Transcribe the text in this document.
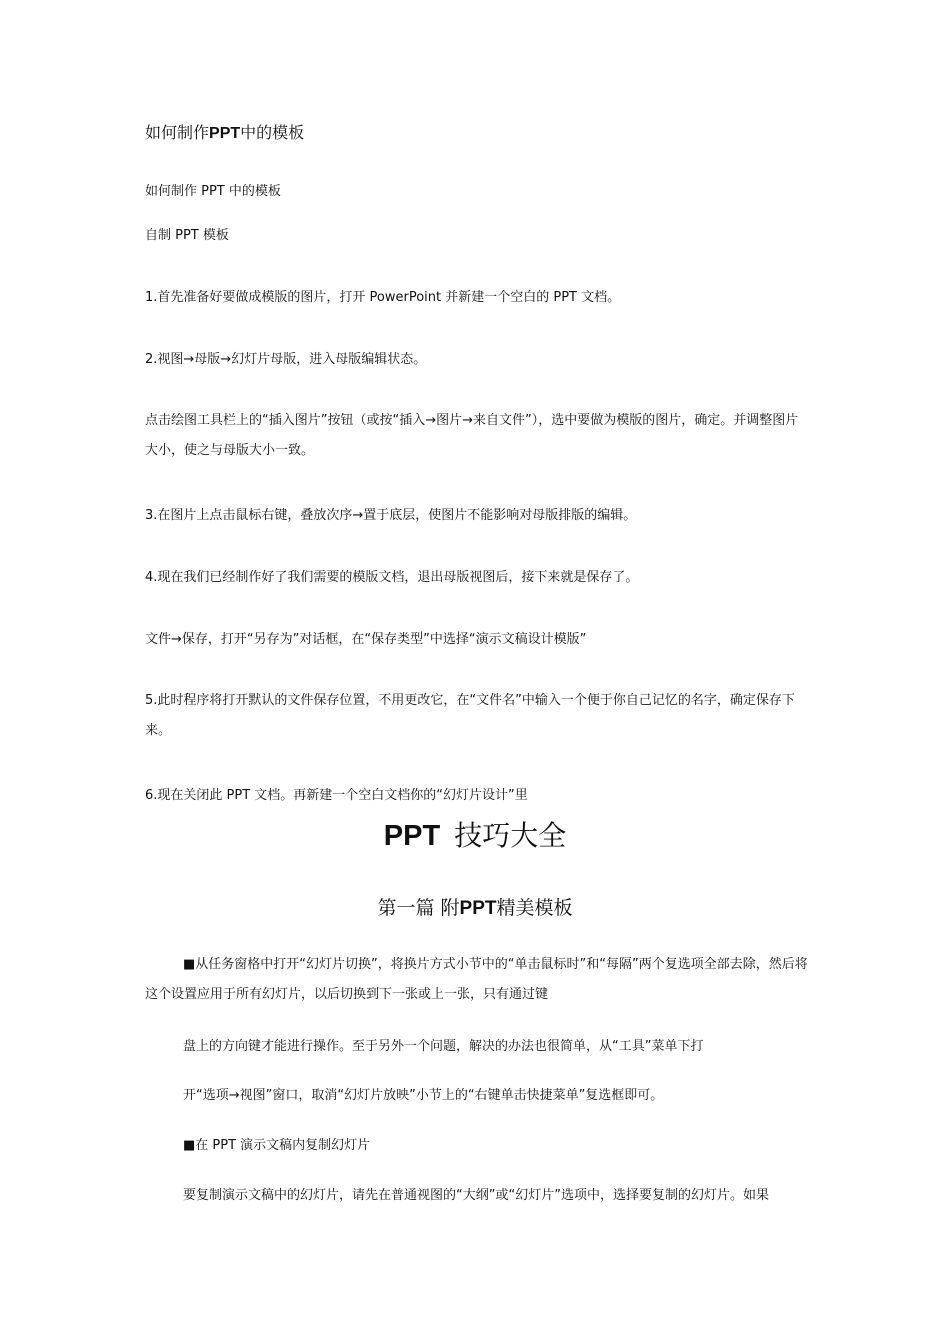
如何制作PPT中的模板
如何制作 PPT 中的模板
自制 PPT 模板
1.首先准备好要做成模版的图片，打开 PowerPoint 并新建一个空白的 PPT 文档。
2.视图→母版→幻灯片母版，进入母版编辑状态。
点击绘图工具栏上的“插入图片”按钮（或按“插入→图片→来自文件”），选中要做为模版的图片，确定。并调整图片大小，使之与母版大小一致。
3.在图片上点击鼠标右键，叠放次序→置于底层，使图片不能影响对母版排版的编辑。
4.现在我们已经制作好了我们需要的模版文档，退出母版视图后，接下来就是保存了。
文件→保存，打开“另存为”对话框，在“保存类型”中选择“演示文稿设计模版”
5.此时程序将打开默认的文件保存位置，不用更改它，在“文件名”中输入一个便于你自己记忆的名字，确定保存下来。
6.现在关闭此 PPT 文档。再新建一个空白文档你的“幻灯片设计”里
PPT 技巧大全
第一篇 附PPT精美模板
■从任务窗格中打开“幻灯片切换”，将换片方式小节中的“单击鼠标时”和“每隔”两个复选项全部去除，然后将这个设置应用于所有幻灯片，以后切换到下一张或上一张，只有通过键
盘上的方向键才能进行操作。至于另外一个问题，解决的办法也很简单，从“工具”菜单下打
开“选项→视图”窗口，取消“幻灯片放映”小节上的“右键单击快捷菜单”复选框即可。
■在 PPT 演示文稿内复制幻灯片
要复制演示文稿中的幻灯片，请先在普通视图的“大纲”或“幻灯片”选项中，选择要复制的幻灯片。如果
